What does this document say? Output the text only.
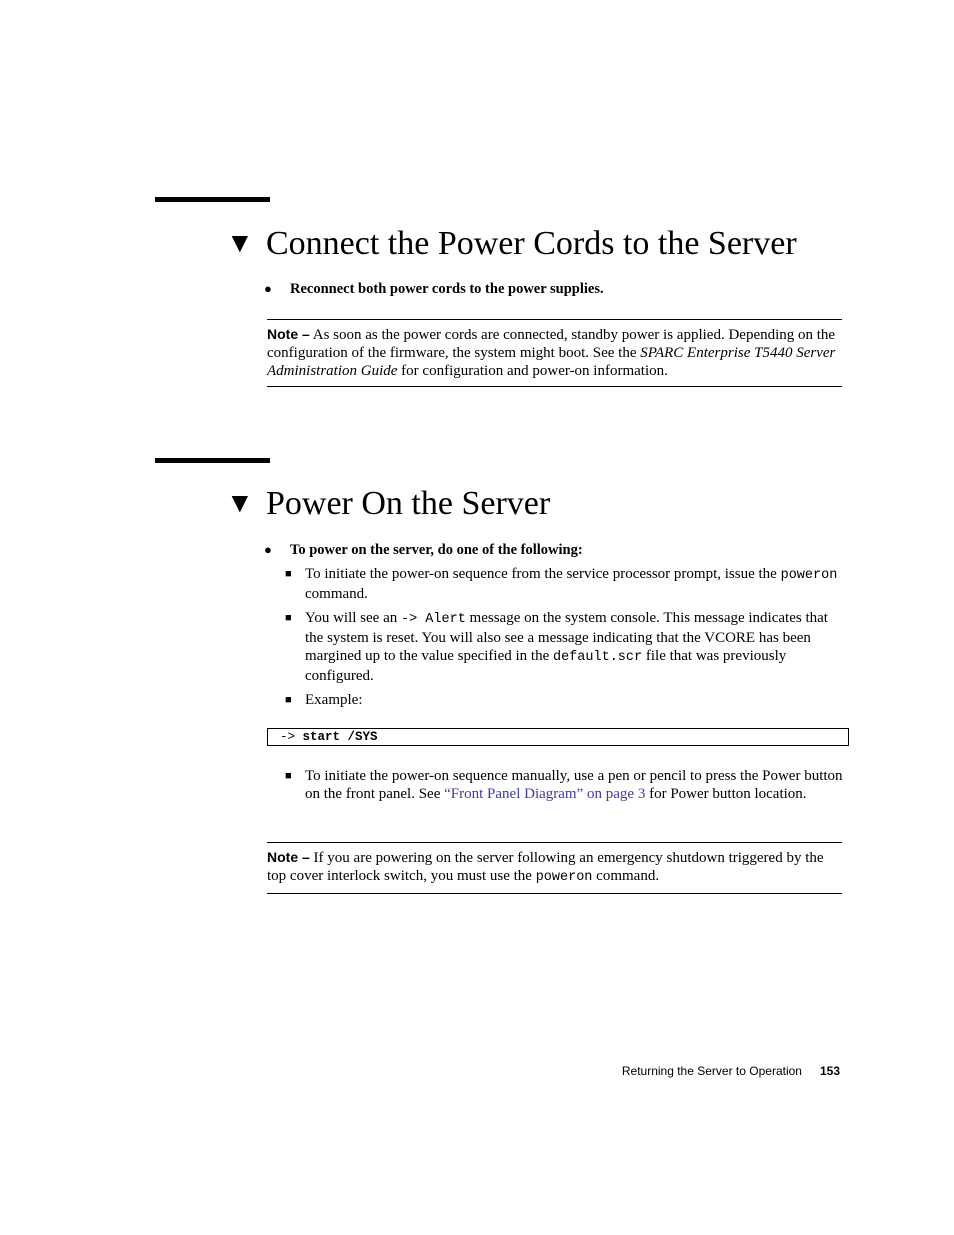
▼ Connect the Power Cords to the Server
●	Reconnect both power cords to the power supplies.
Note – As soon as the power cords are connected, standby power is applied. Depending on the configuration of the firmware, the system might boot. See the SPARC Enterprise T5440 Server Administration Guide for configuration and power-on information.
▼ Power On the Server
●	To power on the server, do one of the following:
■ To initiate the power-on sequence from the service processor prompt, issue the poweron command.
■ You will see an -> Alert message on the system console. This message indicates that the system is reset. You will also see a message indicating that the VCORE has been margined up to the value specified in the default.scr file that was previously configured.
■ Example:
-> start /SYS
■ To initiate the power-on sequence manually, use a pen or pencil to press the Power button on the front panel. See “Front Panel Diagram” on page 3 for Power button location.
Note – If you are powering on the server following an emergency shutdown triggered by the top cover interlock switch, you must use the poweron command.
Returning the Server to Operation 153
